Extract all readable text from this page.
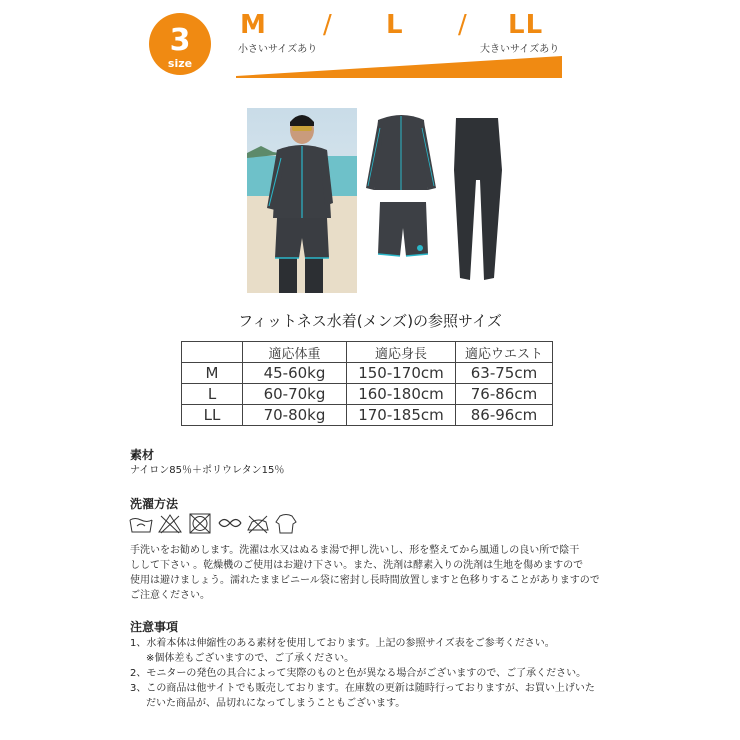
3
size
M / L / LL
小さいサイズあり	大きいサイズあり
フィットネス水着(メンズ)の参照サイズ
	適応体重	適応身長	適応ウエスト
M	45-60kg	150-170cm	63-75cm
L	60-70kg	160-180cm	76-86cm
LL	70-80kg	170-185cm	86-96cm
素材
ナイロン85％＋ポリウレタン15％
洗濯方法
手洗いをお勧めします。洗濯は水又はぬるま湯で押し洗いし、形を整えてから風通しの良い所で陰干
しして下さい 。乾燥機のご使用はお避け下さい。また、洗剤は酵素入りの洗剤は生地を傷めますので
使用は避けましょう。濡れたままビニール袋に密封し長時間放置しますと色移りすることがありますので
ご注意ください。
注意事項
1、水着本体は伸縮性のある素材を使用しております。上記の参照サイズ表をご参考ください。
※個体差もございますので、ご了承ください。
2、モニターの発色の具合によって実際のものと色が異なる場合がございますので、ご了承ください。
3、この商品は他サイトでも販売しております。在庫数の更新は随時行っておりますが、お買い上げいた
だいた商品が、品切れになってしまうこともございます。
